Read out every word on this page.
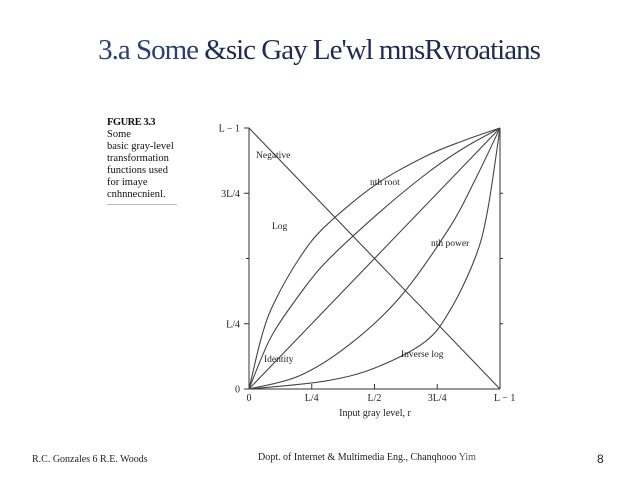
3.a Some &sic Gay Le'wl mnsRvroatians
FGURE 3.3 Some
basic gray-level transformation functions used for imaye cnhnnecnienl.
L − 1
3L/4
L/4
0
0	L/4	L/2	3L/4	L − 1
Negative
nth root
Log
nth power
Identity	Inverse log
Input gray level, r
R.C. Gonzales 6 R.E. Woods	Dopt. of Internet & Multimedia Eng., Chanqhooo Yim	8
